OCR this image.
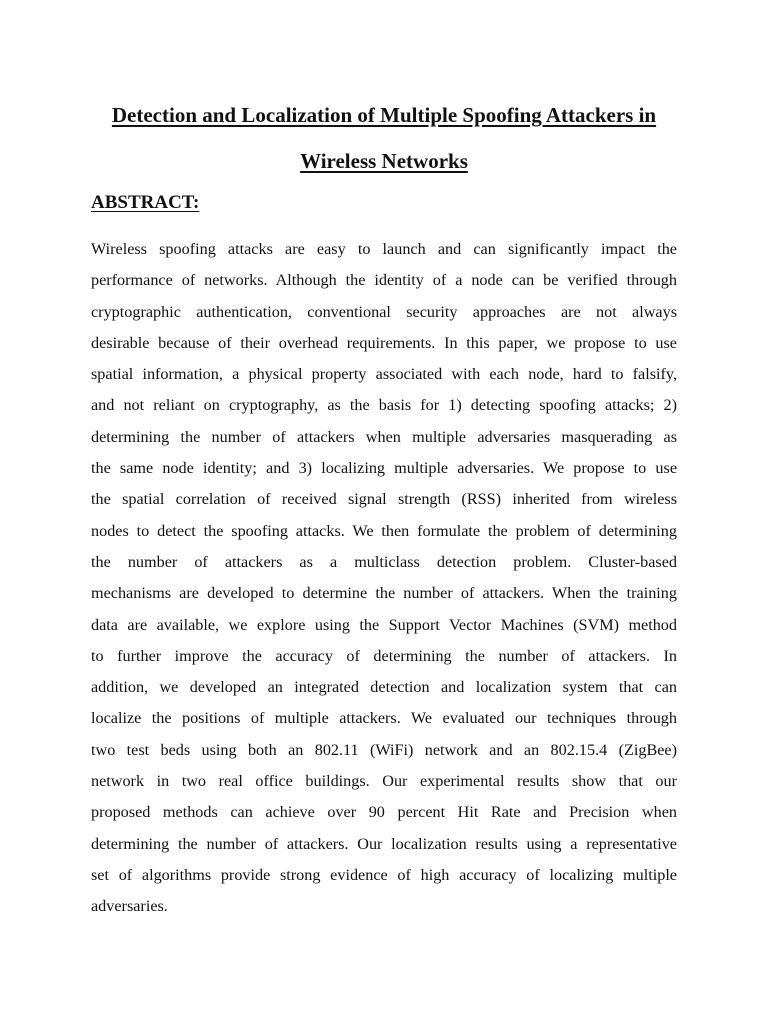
Detection and Localization of Multiple Spoofing Attackers in
Wireless Networks
ABSTRACT:
Wireless spoofing attacks are easy to launch and can significantly impact the
performance of networks. Although the identity of a node can be verified through
cryptographic authentication, conventional security approaches are not always
desirable because of their overhead requirements. In this paper, we propose to use
spatial information, a physical property associated with each node, hard to falsify,
and not reliant on cryptography, as the basis for 1) detecting spoofing attacks; 2)
determining the number of attackers when multiple adversaries masquerading as
the same node identity; and 3) localizing multiple adversaries. We propose to use
the spatial correlation of received signal strength (RSS) inherited from wireless
nodes to detect the spoofing attacks. We then formulate the problem of determining
the number of attackers as a multiclass detection problem. Cluster-based
mechanisms are developed to determine the number of attackers. When the training
data are available, we explore using the Support Vector Machines (SVM) method
to further improve the accuracy of determining the number of attackers. In
addition, we developed an integrated detection and localization system that can
localize the positions of multiple attackers. We evaluated our techniques through
two test beds using both an 802.11 (WiFi) network and an 802.15.4 (ZigBee)
network in two real office buildings. Our experimental results show that our
proposed methods can achieve over 90 percent Hit Rate and Precision when
determining the number of attackers. Our localization results using a representative
set of algorithms provide strong evidence of high accuracy of localizing multiple
adversaries.
